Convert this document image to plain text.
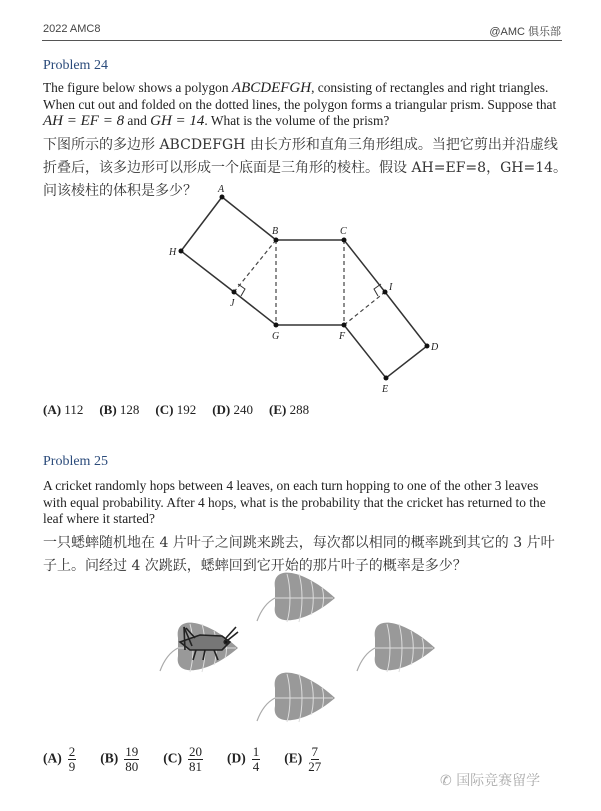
2022 AMC8	@AMC 俱乐部
Problem 24
The figure below shows a polygon ABCDEFGH, consisting of rectangles and right triangles. When cut out and folded on the dotted lines, the polygon forms a triangular prism. Suppose that AH = EF = 8 and GH = 14. What is the volume of the prism?
下图所示的多边形 ABCDEFGH 由长方形和直角三角形组成。当把它剪出并沿虚线折叠后，该多边形可以形成一个底面是三角形的棱柱。假设 AH=EF=8，GH=14。问该棱柱的体积是多少？	A
H
B	C
I
D
E
F
G
J
(A) 112 (B) 128 (C) 192 (D) 240 (E) 288
Problem 25
A cricket randomly hops between 4 leaves, on each turn hopping to one of the other 3 leaves with equal probability. After 4 hops, what is the probability that the cricket has returned to the leaf where it started?
一只蟋蟀随机地在 4 片叶子之间跳来跳去，每次都以相同的概率跳到其它的 3 片叶子上。问经过 4 次跳跃，蟋蟀回到它开始的那片叶子的概率是多少？
$(A) \frac{2}{9} (B) \frac{19}{80} (C) \frac{20}{81} (D) \frac{1}{4} (E) \frac{7}{27}$
✆ 国际竞赛留学
